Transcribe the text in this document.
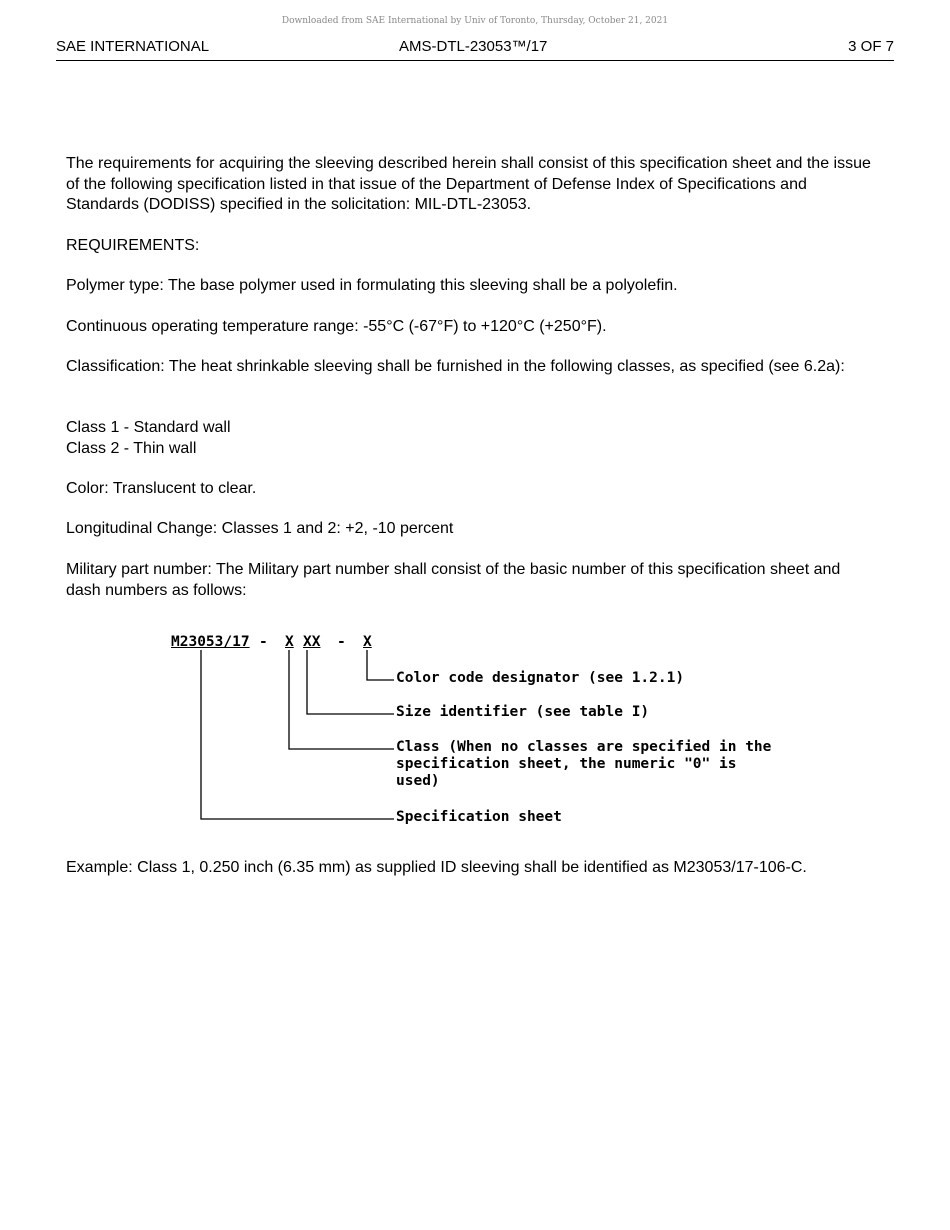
Downloaded from SAE International by Univ of Toronto, Thursday, October 21, 2021
SAE INTERNATIONAL	AMS-DTL-23053™/17	3 OF 7

The requirements for acquiring the sleeving described herein shall consist of this specification sheet and the issue of the following specification listed in that issue of the Department of Defense Index of Specifications and Standards (DODISS) specified in the solicitation: MIL-DTL-23053.

REQUIREMENTS:

Polymer type: The base polymer used in formulating this sleeving shall be a polyolefin.

Continuous operating temperature range: -55°C (-67°F) to +120°C (+250°F).

Classification: The heat shrinkable sleeving shall be furnished in the following classes, as specified (see 6.2a):

Class 1 - Standard wall

Class 2 - Thin wall

Color: Translucent to clear.

Longitudinal Change: Classes 1 and 2: +2, -10 percent

Military part number: The Military part number shall consist of the basic number of this specification sheet and dash numbers as follows:

M23053/17 - X XX - X
Color code designator (see 1.2.1)
Size identifier (see table I)
Class (When no classes are specified in the
specification sheet, the numeric "0" is
used)
Specification sheet

Example: Class 1, 0.250 inch (6.35 mm) as supplied ID sleeving shall be identified as M23053/17-106-C.
